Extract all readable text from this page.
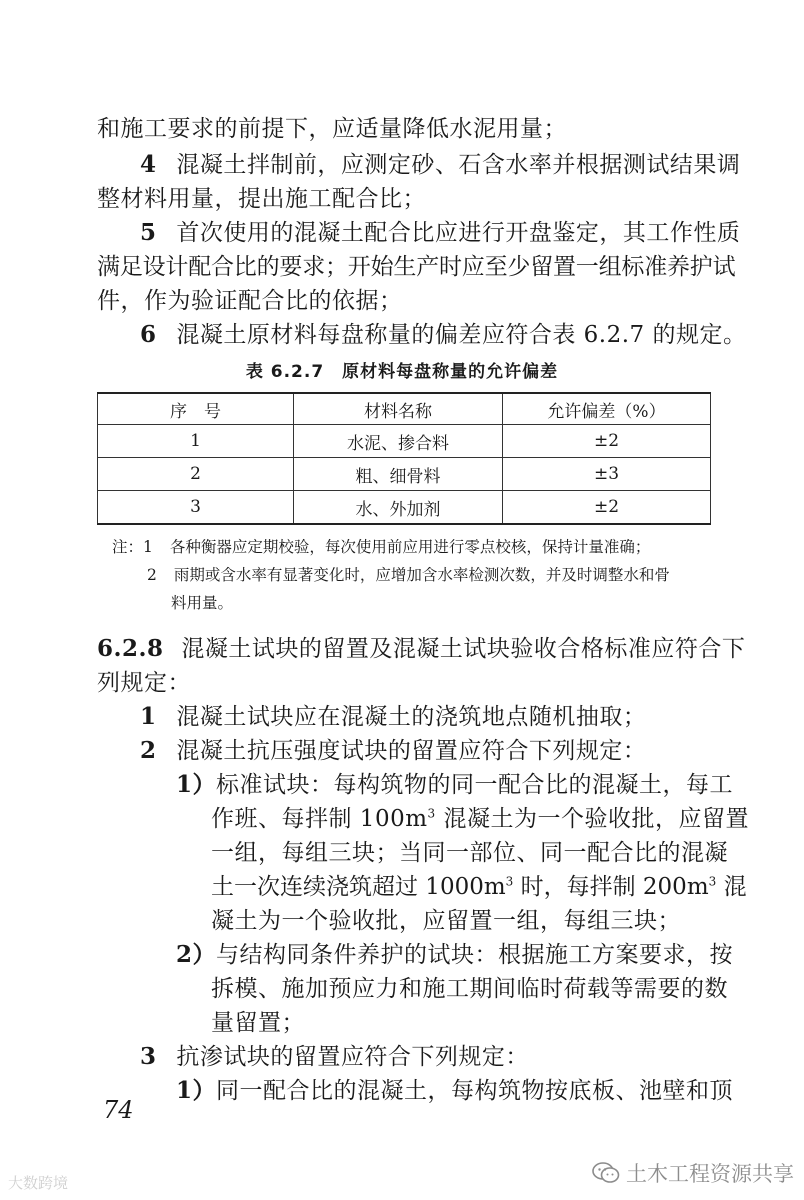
和施工要求的前提下，应适量降低水泥用量；
4 混凝土拌制前，应测定砂、石含水率并根据测试结果调
整材料用量，提出施工配合比；
5 首次使用的混凝土配合比应进行开盘鉴定，其工作性质
满足设计配合比的要求；开始生产时应至少留置一组标准养护试
件，作为验证配合比的依据；
6 混凝土原材料每盘称量的偏差应符合表 6.2.7 的规定。
表 6.2.7　原材料每盘称量的允许偏差
序　号	材料名称	允许偏差（%）
1	水泥、掺合料	±2
2	粗、细骨料	±3
3	水、外加剂	±2
注：1 各种衡器应定期校验，每次使用前应用进行零点校核，保持计量准确；
2 雨期或含水率有显著变化时，应增加含水率检测次数，并及时调整水和骨
料用量。
6.2.8 混凝土试块的留置及混凝土试块验收合格标准应符合下
列规定：
1 混凝土试块应在混凝土的浇筑地点随机抽取；
2 混凝土抗压强度试块的留置应符合下列规定：
1）标准试块：每构筑物的同一配合比的混凝土，每工
作班、每拌制 $100m^3$ 混凝土为一个验收批，应留置
一组，每组三块；当同一部位、同一配合比的混凝
土一次连续浇筑超过 $1000m^3$ 时，每拌制 $200m^3$ 混
凝土为一个验收批，应留置一组，每组三块；
2）与结构同条件养护的试块：根据施工方案要求，按
拆模、施加预应力和施工期间临时荷载等需要的数
量留置；
3 抗渗试块的留置应符合下列规定：
1）同一配合比的混凝土，每构筑物按底板、池壁和顶
74
大数跨境	土木工程资源共享
